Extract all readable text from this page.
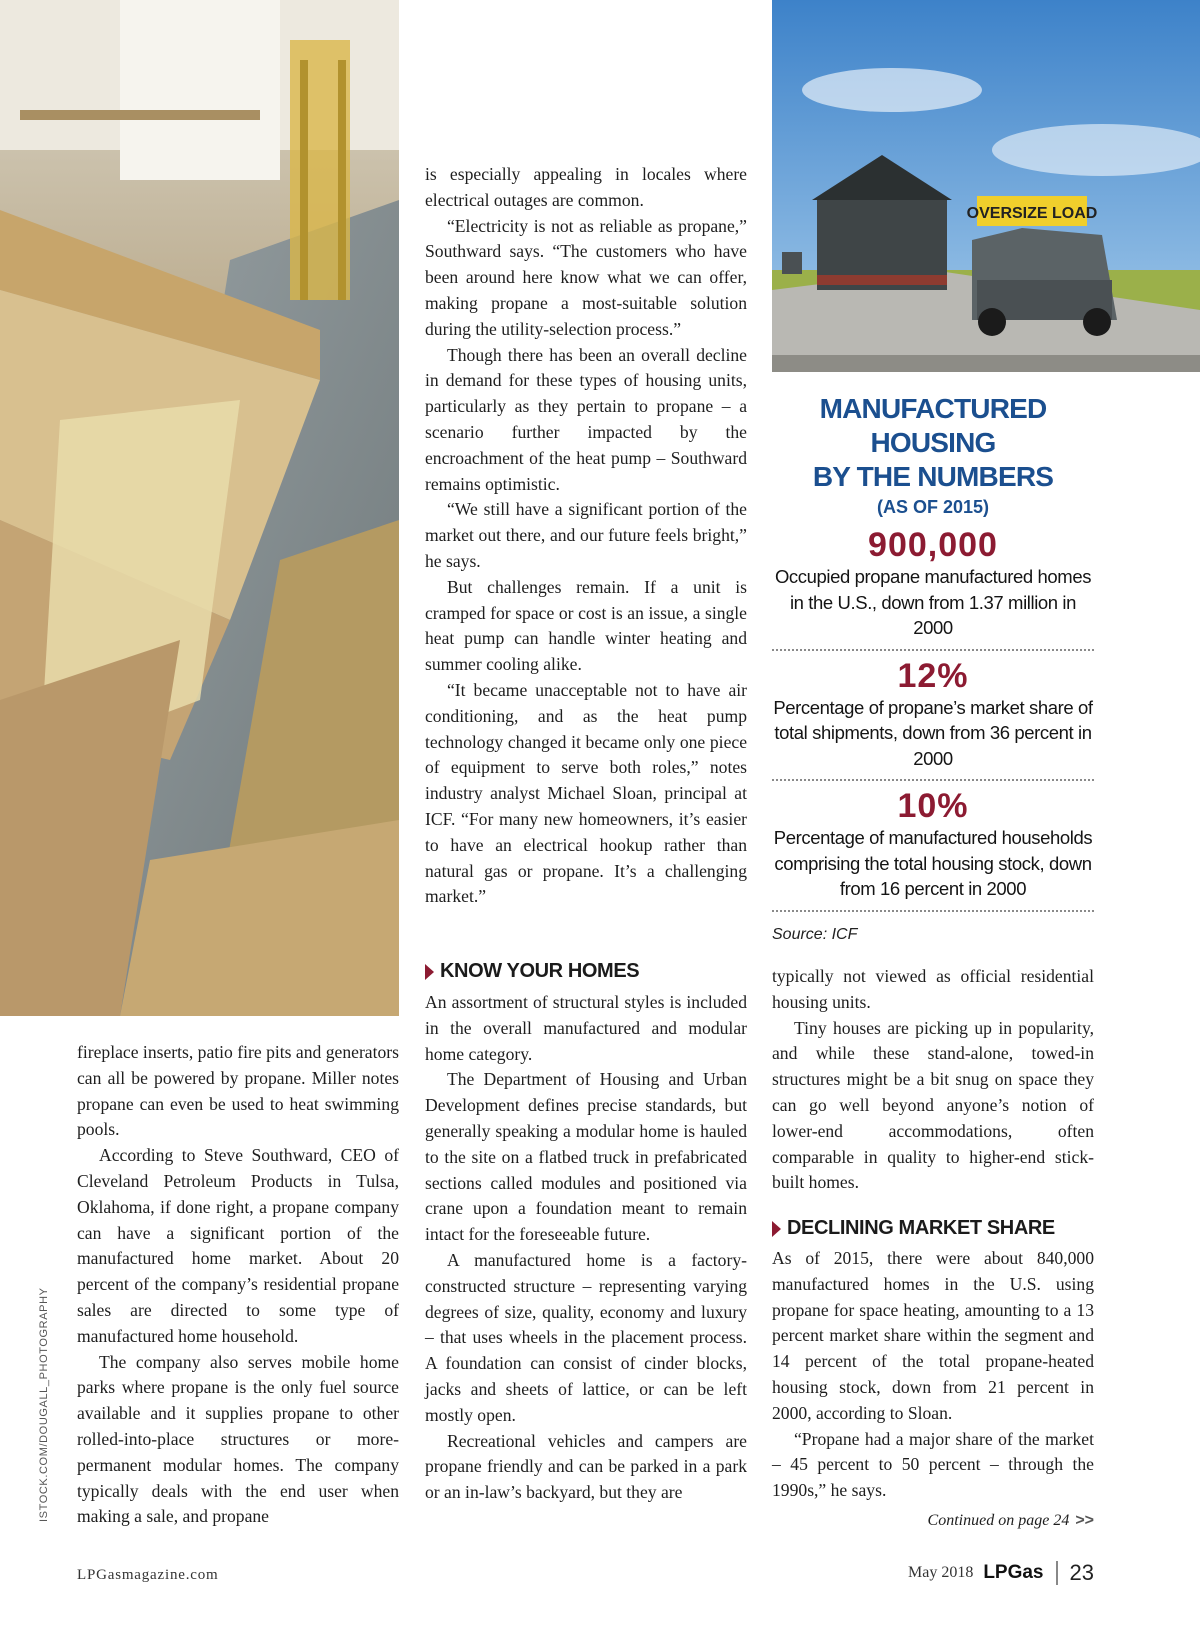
OVERSIZE LOAD
ISTOCK.COM/DOUGALL_PHOTOGRAPHY

fireplace inserts, patio fire pits and generators can all be powered by propane. Miller notes propane can even be used to heat swimming pools.

According to Steve Southward, CEO of Cleveland Petroleum Products in Tulsa, Oklahoma, if done right, a propane company can have a significant portion of the manufactured home market. About 20 percent of the company’s residential propane sales are directed to some type of manufactured home household.

The company also serves mobile home parks where propane is the only fuel source available and it supplies propane to other rolled-into-place structures or more-permanent modular homes. The company typically deals with the end user when making a sale, and propane

is especially appealing in locales where electrical outages are common.

“Electricity is not as reliable as propane,” Southward says. “The customers who have been around here know what we can offer, making propane a most-suitable solution during the utility-selection process.”

Though there has been an overall decline in demand for these types of housing units, particularly as they pertain to propane – a scenario further impacted by the encroachment of the heat pump – Southward remains optimistic.

“We still have a significant portion of the market out there, and our future feels bright,” he says.

But challenges remain. If a unit is cramped for space or cost is an issue, a single heat pump can handle winter heating and summer cooling alike.

“It became unacceptable not to have air conditioning, and as the heat pump technology changed it became only one piece of equipment to serve both roles,” notes industry analyst Michael Sloan, principal at ICF. “For many new homeowners, it’s easier to have an electrical hookup rather than natural gas or propane. It’s a challenging market.”

KNOW YOUR HOMES

An assortment of structural styles is included in the overall manufactured and modular home category.

The Department of Housing and Urban Development defines precise standards, but generally speaking a modular home is hauled to the site on a flatbed truck in prefabricated sections called modules and positioned via crane upon a foundation meant to remain intact for the foreseeable future.

A manufactured home is a factory-constructed structure – representing varying degrees of size, quality, economy and luxury – that uses wheels in the placement process. A foundation can consist of cinder blocks, jacks and sheets of lattice, or can be left mostly open.

Recreational vehicles and campers are propane friendly and can be parked in a park or an in-law’s backyard, but they are

MANUFACTURED HOUSING
BY THE NUMBERS
(AS OF 2015)
900,000
Occupied propane manufactured homes in the U.S., down from 1.37 million in 2000
12%
Percentage of propane’s market share of total shipments, down from 36 percent in 2000
10%
Percentage of manufactured households comprising the total housing stock, down from 16 percent in 2000
Source: ICF

typically not viewed as official residential housing units.

Tiny houses are picking up in popularity, and while these stand-alone, towed-in structures might be a bit snug on space they can go well beyond anyone’s notion of lower-end accommodations, often comparable in quality to higher-end stick-built homes.

DECLINING MARKET SHARE

As of 2015, there were about 840,000 manufactured homes in the U.S. using propane for space heating, amounting to a 13 percent market share within the segment and 14 percent of the total propane-heated housing stock, down from 21 percent in 2000, according to Sloan.

“Propane had a major share of the market – 45 percent to 50 percent – through the 1990s,” he says.

Continued on page 24 >>
LPGasmagazine.com	May 2018 LPGas 23
